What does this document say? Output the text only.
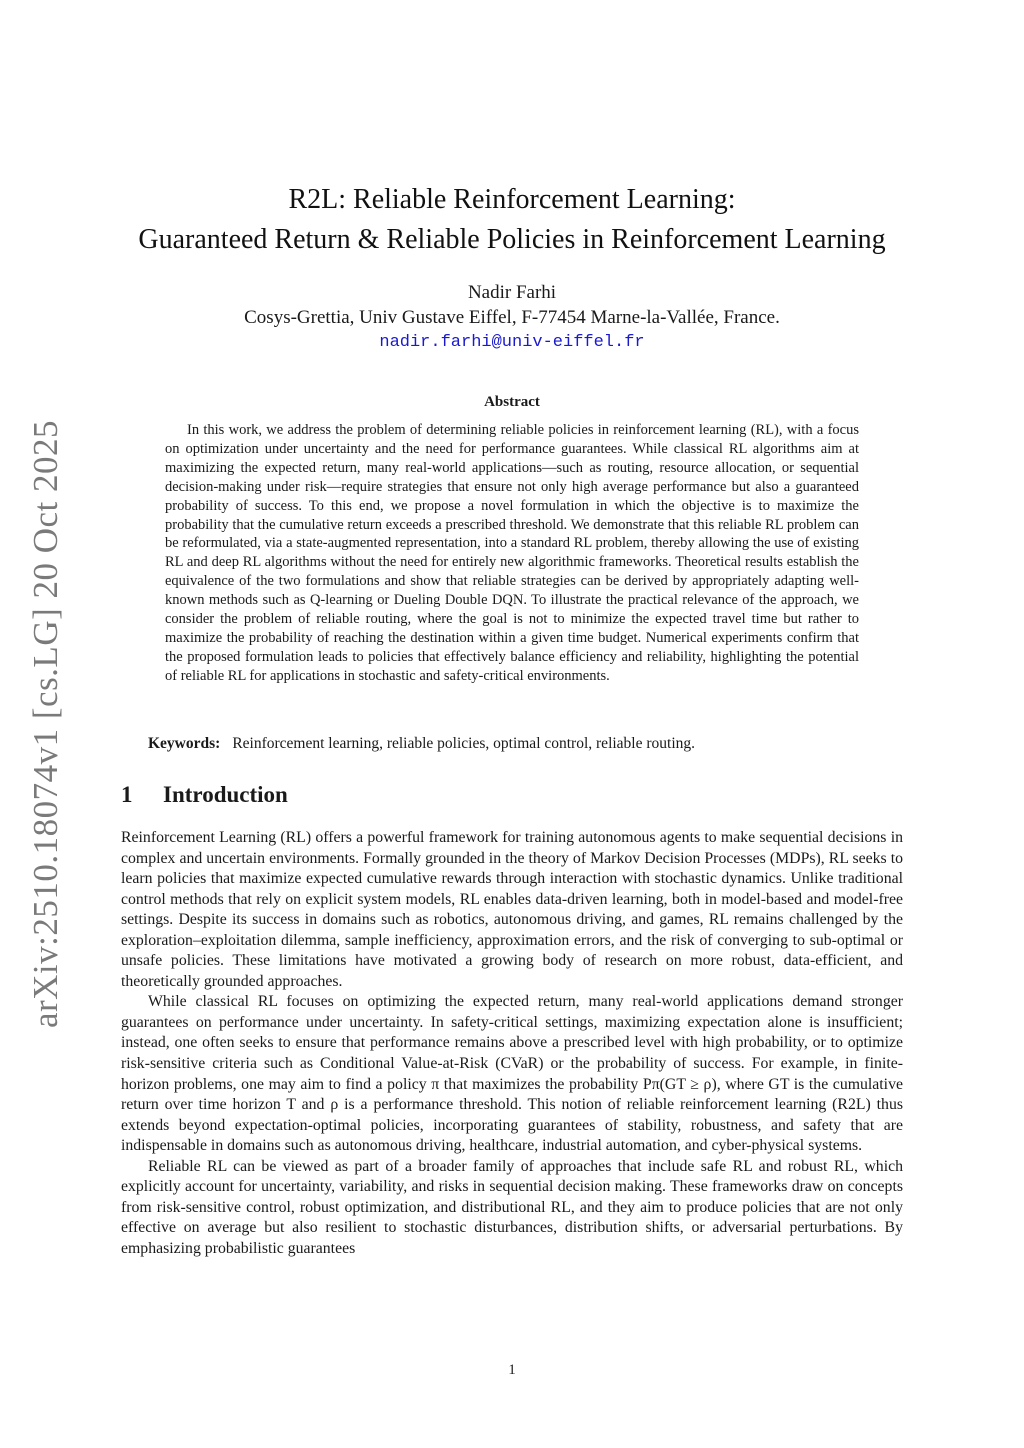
arXiv:2510.18074v1 [cs.LG] 20 Oct 2025
R2L: Reliable Reinforcement Learning:
Guaranteed Return & Reliable Policies in Reinforcement Learning
Nadir Farhi
Cosys-Grettia, Univ Gustave Eiffel, F-77454 Marne-la-Vallée, France.
nadir.farhi@univ-eiffel.fr
Abstract

In this work, we address the problem of determining reliable policies in reinforcement learning (RL), with a focus on optimization under uncertainty and the need for performance guarantees. While classical RL algorithms aim at maximizing the expected return, many real-world applications—such as routing, resource allocation, or sequential decision-making under risk—require strategies that ensure not only high average performance but also a guaranteed probability of success. To this end, we propose a novel formulation in which the objective is to maximize the probability that the cumulative return exceeds a prescribed threshold. We demonstrate that this reliable RL problem can be reformulated, via a state-augmented representation, into a standard RL problem, thereby allowing the use of existing RL and deep RL algorithms without the need for entirely new algorithmic frameworks. Theoretical results establish the equivalence of the two formulations and show that reliable strategies can be derived by appropriately adapting well-known methods such as Q-learning or Dueling Double DQN. To illustrate the practical relevance of the approach, we consider the problem of reliable routing, where the goal is not to minimize the expected travel time but rather to maximize the probability of reaching the destination within a given time budget. Numerical experiments confirm that the proposed formulation leads to policies that effectively balance efficiency and reliability, highlighting the potential of reliable RL for applications in stochastic and safety-critical environments.

Keywords: Reinforcement learning, reliable policies, optimal control, reliable routing.
1 Introduction

Reinforcement Learning (RL) offers a powerful framework for training autonomous agents to make sequential decisions in complex and uncertain environments. Formally grounded in the theory of Markov Decision Processes (MDPs), RL seeks to learn policies that maximize expected cumulative rewards through interaction with stochastic dynamics. Unlike traditional control methods that rely on explicit system models, RL enables data-driven learning, both in model-based and model-free settings. Despite its success in domains such as robotics, autonomous driving, and games, RL remains challenged by the exploration–exploitation dilemma, sample inefficiency, approximation errors, and the risk of converging to sub-optimal or unsafe policies. These limitations have motivated a growing body of research on more robust, data-efficient, and theoretically grounded approaches.

While classical RL focuses on optimizing the expected return, many real-world applications demand stronger guarantees on performance under uncertainty. In safety-critical settings, maximizing expectation alone is insufficient; instead, one often seeks to ensure that performance remains above a prescribed level with high probability, or to optimize risk-sensitive criteria such as Conditional Value-at-Risk (CVaR) or the probability of success. For example, in finite-horizon problems, one may aim to find a policy π that maximizes the probability Pπ(GT ≥ ρ), where GT is the cumulative return over time horizon T and ρ is a performance threshold. This notion of reliable reinforcement learning (R2L) thus extends beyond expectation-optimal policies, incorporating guarantees of stability, robustness, and safety that are indispensable in domains such as autonomous driving, healthcare, industrial automation, and cyber-physical systems.

Reliable RL can be viewed as part of a broader family of approaches that include safe RL and robust RL, which explicitly account for uncertainty, variability, and risks in sequential decision making. These frameworks draw on concepts from risk-sensitive control, robust optimization, and distributional RL, and they aim to produce policies that are not only effective on average but also resilient to stochastic disturbances, distribution shifts, or adversarial perturbations. By emphasizing probabilistic guarantees

1
